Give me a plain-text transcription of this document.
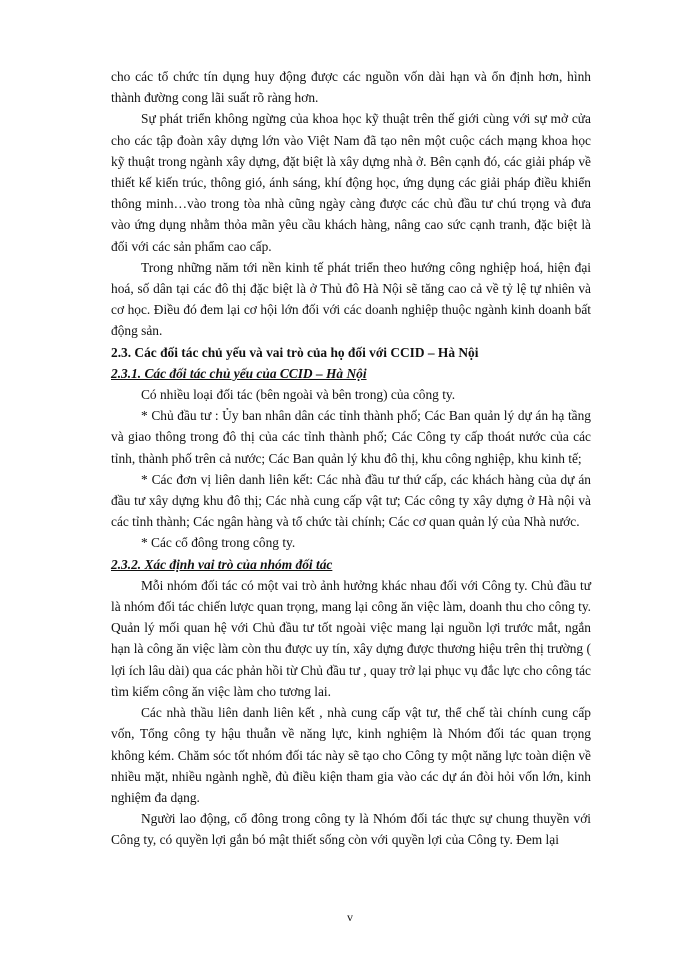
cho các tổ chức tín dụng huy động được các nguồn vốn dài hạn và ổn định hơn, hình thành đường cong lãi suất rõ ràng hơn.

Sự phát triển không ngừng của khoa học kỹ thuật trên thế giới cùng với sự mở cửa cho các tập đoàn xây dựng lớn vào Việt Nam đã tạo nên một cuộc cách mạng khoa học kỹ thuật trong ngành xây dựng, đặt biệt là xây dựng nhà ở. Bên cạnh đó, các giải pháp về thiết kế kiến trúc, thông gió, ánh sáng, khí động học, ứng dụng các giải pháp điều khiển thông minh…vào trong tòa nhà cũng ngày càng được các chủ đầu tư chú trọng và đưa vào ứng dụng nhằm thỏa mãn yêu cầu khách hàng, nâng cao sức cạnh tranh, đặc biệt là đối với các sản phẩm cao cấp.

Trong những năm tới nền kinh tế phát triển theo hướng công nghiệp hoá, hiện đại hoá, số dân tại các đô thị đặc biệt là ở Thủ đô Hà Nội sẽ tăng cao cả về tỷ lệ tự nhiên và cơ học. Điều đó đem lại cơ hội lớn đối với các doanh nghiệp thuộc ngành kinh doanh bất động sản.

2.3. Các đối tác chủ yếu và vai trò của họ đối với CCID – Hà Nội

2.3.1. Các đối tác chủ yếu của CCID – Hà Nội

Có nhiều loại đối tác (bên ngoài và bên trong) của công ty.

* Chủ đầu tư : Ủy ban nhân dân các tỉnh thành phố; Các Ban quản lý dự án hạ tầng và giao thông trong đô thị của các tỉnh thành phố; Các Công ty cấp thoát nước của các tỉnh, thành phố trên cả nước; Các Ban quản lý khu đô thị, khu công nghiệp, khu kinh tế;

* Các đơn vị liên danh liên kết: Các nhà đầu tư thứ cấp, các khách hàng của dự án đầu tư xây dựng khu đô thị; Các nhà cung cấp vật tư; Các công ty xây dựng ở Hà nội và các tỉnh thành; Các ngân hàng và tổ chức tài chính; Các cơ quan quản lý của Nhà nước.

* Các cổ đông trong công ty.

2.3.2. Xác định vai trò của nhóm đối tác

Mỗi nhóm đối tác có một vai trò ảnh hưởng khác nhau đối với Công ty. Chủ đầu tư là nhóm đối tác chiến lược quan trọng, mang lại công ăn việc làm, doanh thu cho công ty. Quản lý mối quan hệ với Chủ đầu tư tốt ngoài việc mang lại nguồn lợi trước mắt, ngắn hạn là công ăn việc làm còn thu được uy tín, xây dựng được thương hiệu trên thị trường ( lợi ích lâu dài) qua các phản hồi từ Chủ đầu tư , quay trở lại phục vụ đắc lực cho công tác tìm kiếm công ăn việc làm cho tương lai.

Các nhà thầu liên danh liên kết , nhà cung cấp vật tư, thể chế tài chính cung cấp vốn, Tổng công ty hậu thuẫn về năng lực, kinh nghiệm là Nhóm đối tác quan trọng không kém. Chăm sóc tốt nhóm đối tác này sẽ tạo cho Công ty một năng lực toàn diện về nhiều mặt, nhiều ngành nghề, đủ điều kiện tham gia vào các dự án đòi hỏi vốn lớn, kinh nghiệm đa dạng.

Người lao động, cổ đông trong công ty là Nhóm đối tác thực sự chung thuyền với Công ty, có quyền lợi gắn bó mật thiết sống còn với quyền lợi của Công ty. Đem lại

v
